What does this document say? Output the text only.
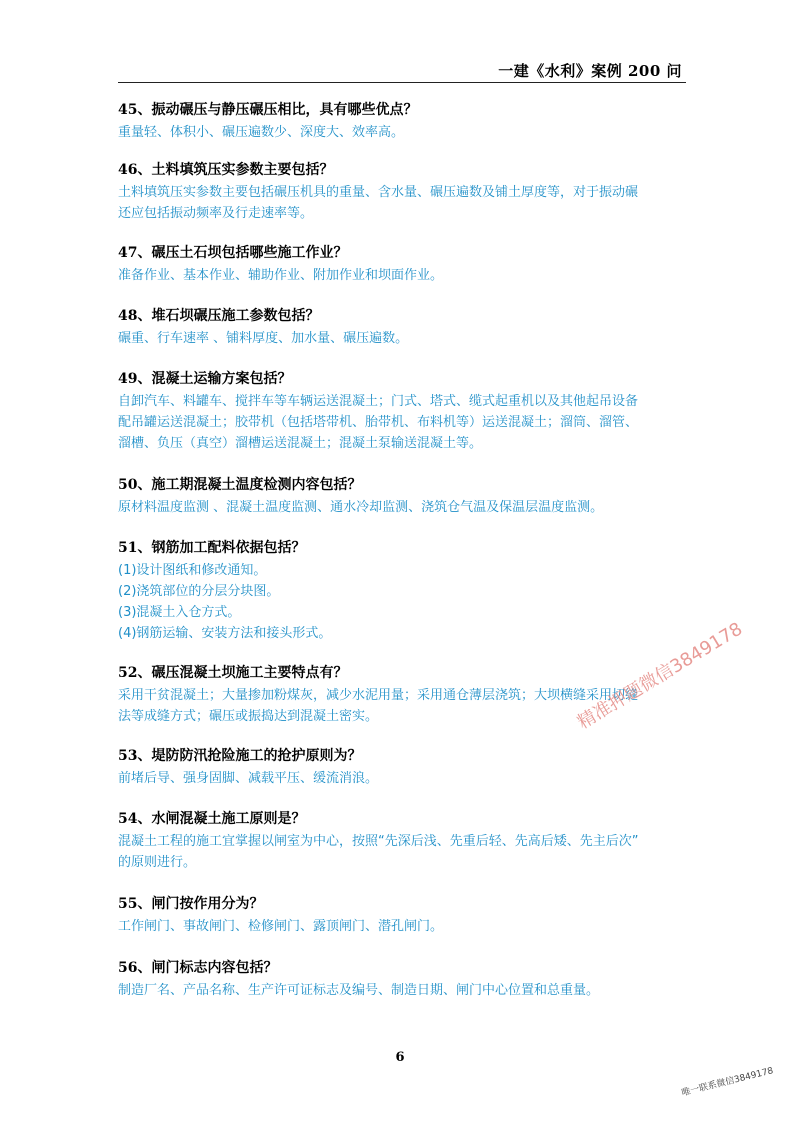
一建《水利》案例 200 问
45、振动碾压与静压碾压相比，具有哪些优点？
重量轻、体积小、碾压遍数少、深度大、效率高。
46、土料填筑压实参数主要包括？
土料填筑压实参数主要包括碾压机具的重量、含水量、碾压遍数及铺土厚度等，对于振动碾
还应包括振动频率及行走速率等。
47、碾压土石坝包括哪些施工作业？
准备作业、基本作业、辅助作业、附加作业和坝面作业。
48、堆石坝碾压施工参数包括？
碾重、行车速率 、铺料厚度、加水量、碾压遍数。
49、混凝土运输方案包括？
自卸汽车、料罐车、搅拌车等车辆运送混凝土；门式、塔式、缆式起重机以及其他起吊设备
配吊罐运送混凝土；胶带机（包括塔带机、胎带机、布料机等）运送混凝土；溜筒、溜管、
溜槽、负压（真空）溜槽运送混凝土；混凝土泵输送混凝土等。
50、施工期混凝土温度检测内容包括？
原材料温度监测 、混凝土温度监测、通水冷却监测、浇筑仓气温及保温层温度监测。
51、钢筋加工配料依据包括？
(1)设计图纸和修改通知。
(2)浇筑部位的分层分块图。
(3)混凝土入仓方式。
(4)钢筋运输、安装方法和接头形式。
52、碾压混凝土坝施工主要特点有？
采用干贫混凝土；大量掺加粉煤灰，减少水泥用量；采用通仓薄层浇筑；大坝横缝采用切缝
法等成缝方式；碾压或振捣达到混凝土密实。
53、堤防防汛抢险施工的抢护原则为？
前堵后导、强身固脚、减载平压、缓流消浪。
54、水闸混凝土施工原则是？
混凝土工程的施工宜掌握以闸室为中心，按照“先深后浅、先重后轻、先高后矮、先主后次”
的原则进行。
55、闸门按作用分为？
工作闸门、事故闸门、检修闸门、露顶闸门、潜孔闸门。
56、闸门标志内容包括？
制造厂名、产品名称、生产许可证标志及编号、制造日期、闸门中心位置和总重量。
6
精准押题微信3849178
唯一联系微信3849178
